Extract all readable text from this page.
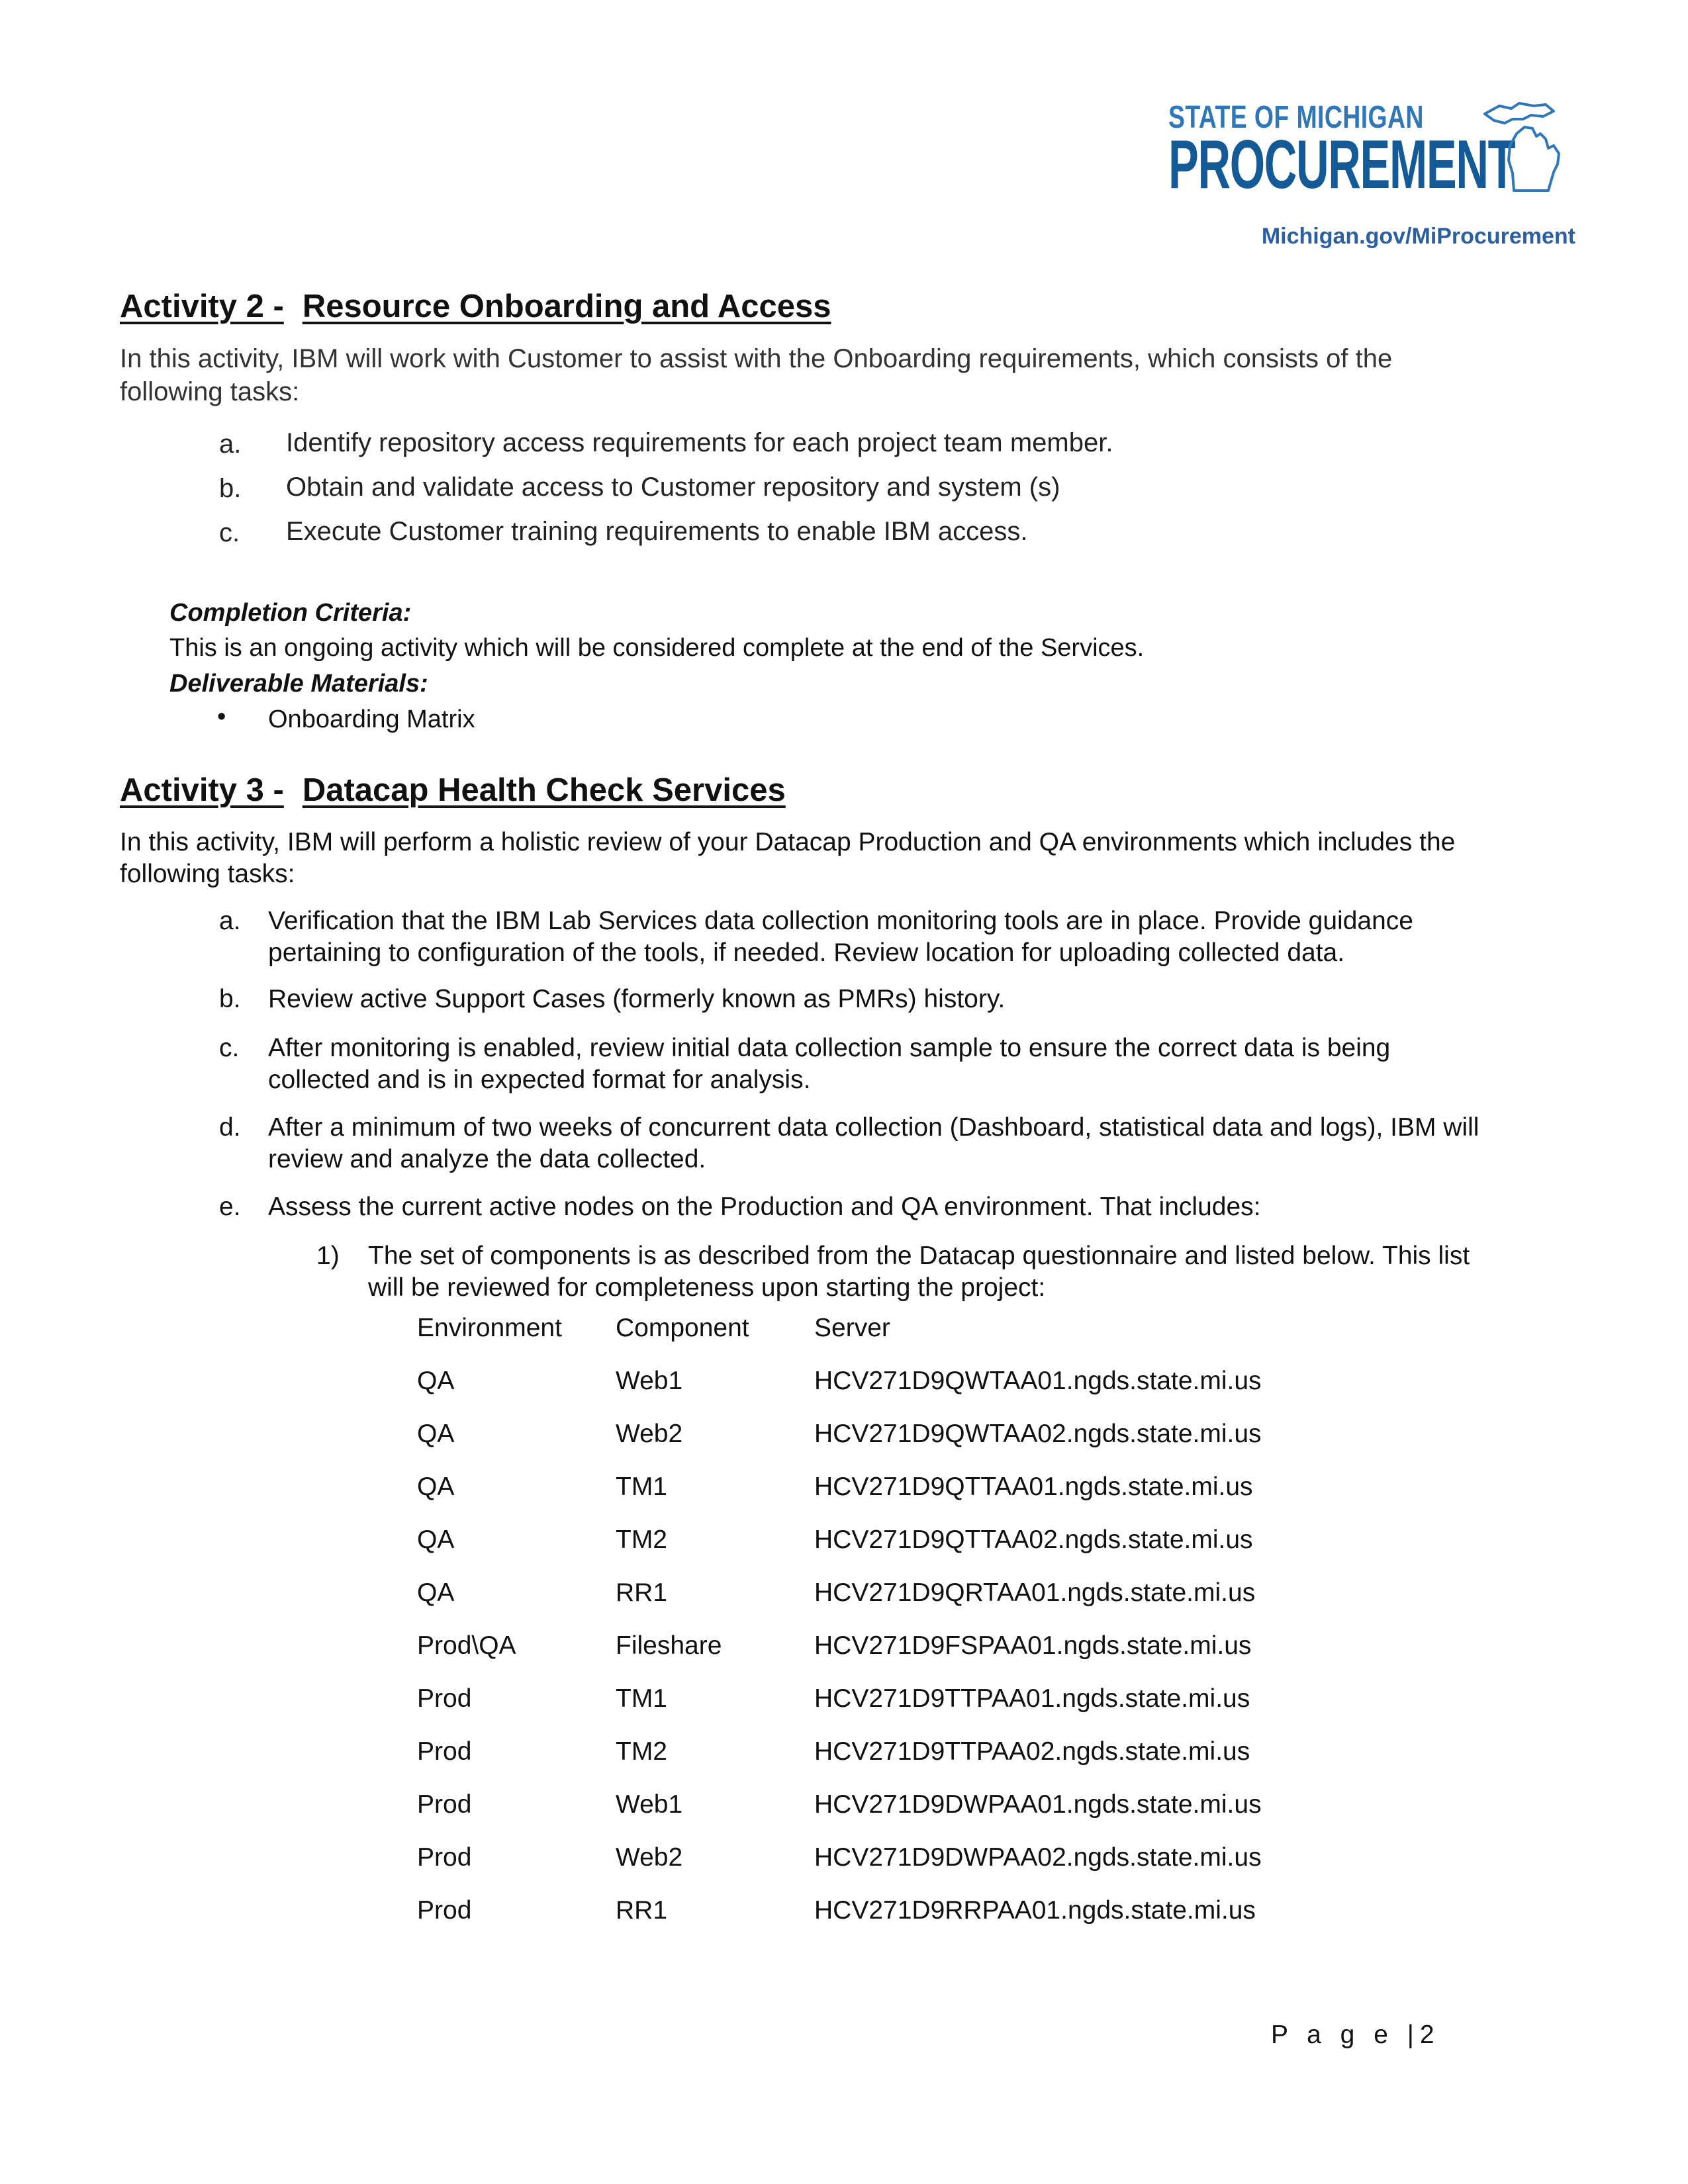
STATE OF MICHIGAN
PROCUREMENT
Michigan.gov/MiProcurement
Activity 2 - Resource Onboarding and Access
In this activity, IBM will work with Customer to assist with the Onboarding requirements, which consists of the
following tasks:
a. Identify repository access requirements for each project team member.
b. Obtain and validate access to Customer repository and system (s)
c. Execute Customer training requirements to enable IBM access.
Completion Criteria:
This is an ongoing activity which will be considered complete at the end of the Services.
Deliverable Materials:
• Onboarding Matrix
Activity 3 - Datacap Health Check Services
In this activity, IBM will perform a holistic review of your Datacap Production and QA environments which includes the
following tasks:
a. Verification that the IBM Lab Services data collection monitoring tools are in place. Provide guidance
pertaining to configuration of the tools, if needed. Review location for uploading collected data.
b. Review active Support Cases (formerly known as PMRs) history.
c. After monitoring is enabled, review initial data collection sample to ensure the correct data is being
collected and is in expected format for analysis.
d. After a minimum of two weeks of concurrent data collection (Dashboard, statistical data and logs), IBM will
review and analyze the data collected.
e. Assess the current active nodes on the Production and QA environment. That includes:
1) The set of components is as described from the Datacap questionnaire and listed below. This list
will be reviewed for completeness upon starting the project:
Environment Component	Server
QA	Web1	HCV271D9QWTAA01.ngds.state.mi.us
QA	Web2	HCV271D9QWTAA02.ngds.state.mi.us
QA	TM1	HCV271D9QTTAA01.ngds.state.mi.us
QA	TM2	HCV271D9QTTAA02.ngds.state.mi.us
QA	RR1	HCV271D9QRTAA01.ngds.state.mi.us
Prod\QA	Fileshare	HCV271D9FSPAA01.ngds.state.mi.us
Prod	TM1	HCV271D9TTPAA01.ngds.state.mi.us
Prod	TM2	HCV271D9TTPAA02.ngds.state.mi.us
Prod	Web1	HCV271D9DWPAA01.ngds.state.mi.us
Prod	Web2	HCV271D9DWPAA02.ngds.state.mi.us
Prod	RR1	HCV271D9RRPAA01.ngds.state.mi.us
P a g e |2
